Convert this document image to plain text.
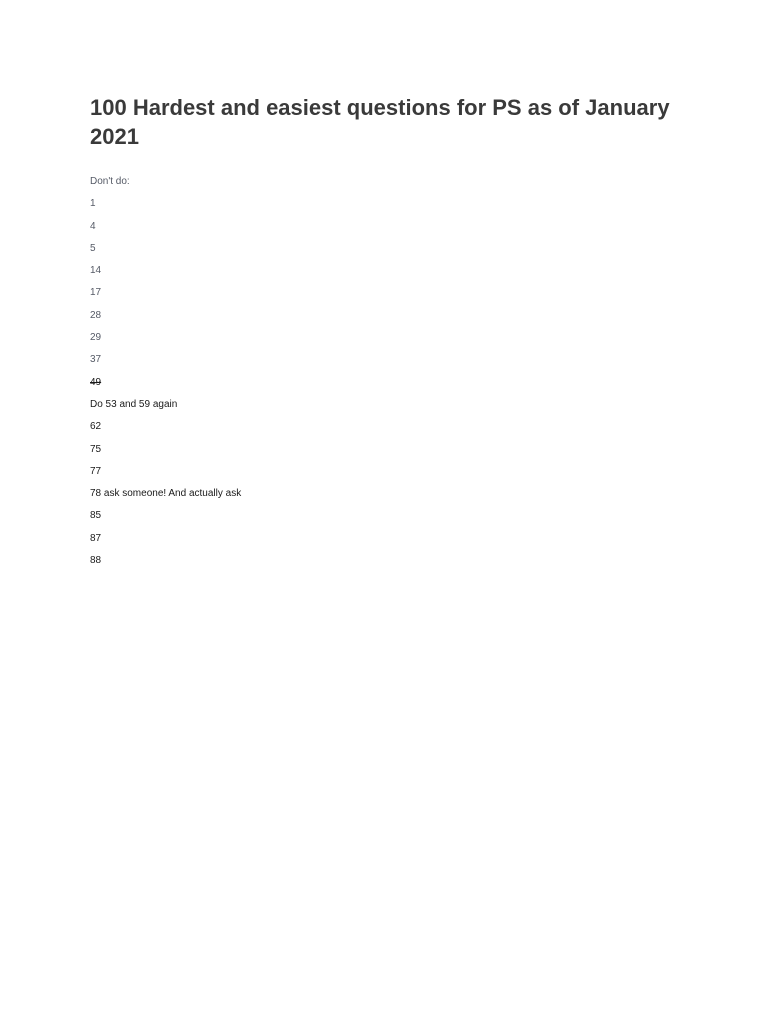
100 Hardest and easiest questions for PS as of January 2021
Don't do:
1
4
5
14
17
28
29
37
49
Do 53 and 59 again
62
75
77
78 ask someone! And actually ask
85
87
88
